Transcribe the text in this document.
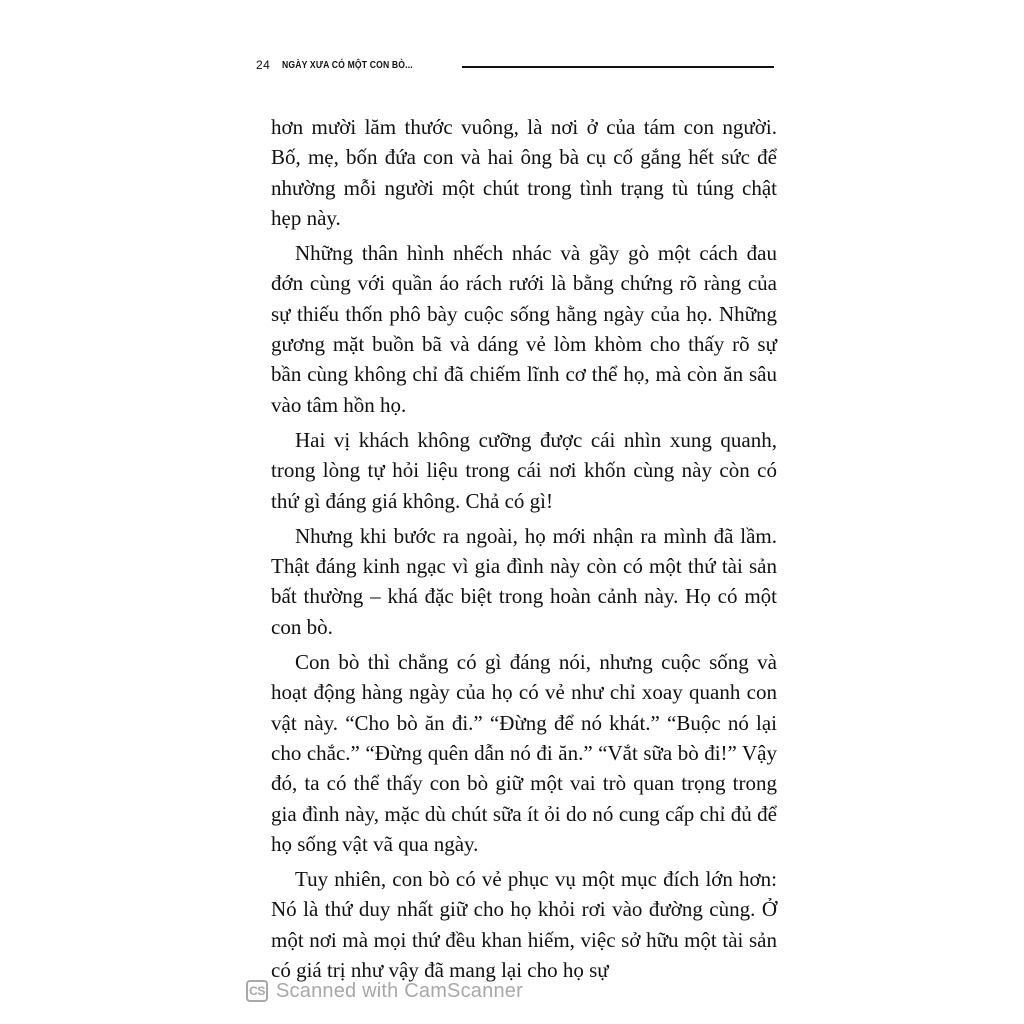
24 NGÀY XƯA CÓ MỘT CON BÒ...

hơn mười lăm thước vuông, là nơi ở của tám con người. Bố, mẹ, bốn đứa con và hai ông bà cụ cố gắng hết sức để nhường mỗi người một chút trong tình trạng tù túng chật hẹp này.

Những thân hình nhếch nhác và gầy gò một cách đau đớn cùng với quần áo rách rưới là bằng chứng rõ ràng của sự thiếu thốn phô bày cuộc sống hằng ngày của họ. Những gương mặt buồn bã và dáng vẻ lòm khòm cho thấy rõ sự bần cùng không chỉ đã chiếm lĩnh cơ thể họ, mà còn ăn sâu vào tâm hồn họ.

Hai vị khách không cưỡng được cái nhìn xung quanh, trong lòng tự hỏi liệu trong cái nơi khốn cùng này còn có thứ gì đáng giá không. Chả có gì!

Nhưng khi bước ra ngoài, họ mới nhận ra mình đã lầm. Thật đáng kinh ngạc vì gia đình này còn có một thứ tài sản bất thường – khá đặc biệt trong hoàn cảnh này. Họ có một con bò.

Con bò thì chẳng có gì đáng nói, nhưng cuộc sống và hoạt động hàng ngày của họ có vẻ như chỉ xoay quanh con vật này. “Cho bò ăn đi.” “Đừng để nó khát.” “Buộc nó lại cho chắc.” “Đừng quên dẫn nó đi ăn.” “Vắt sữa bò đi!” Vậy đó, ta có thể thấy con bò giữ một vai trò quan trọng trong gia đình này, mặc dù chút sữa ít ỏi do nó cung cấp chỉ đủ để họ sống vật vã qua ngày.

Tuy nhiên, con bò có vẻ phục vụ một mục đích lớn hơn: Nó là thứ duy nhất giữ cho họ khỏi rơi vào đường cùng. Ở một nơi mà mọi thứ đều khan hiếm, việc sở hữu một tài sản có giá trị như vậy đã mang lại cho họ sự

CS Scanned with CamScanner
